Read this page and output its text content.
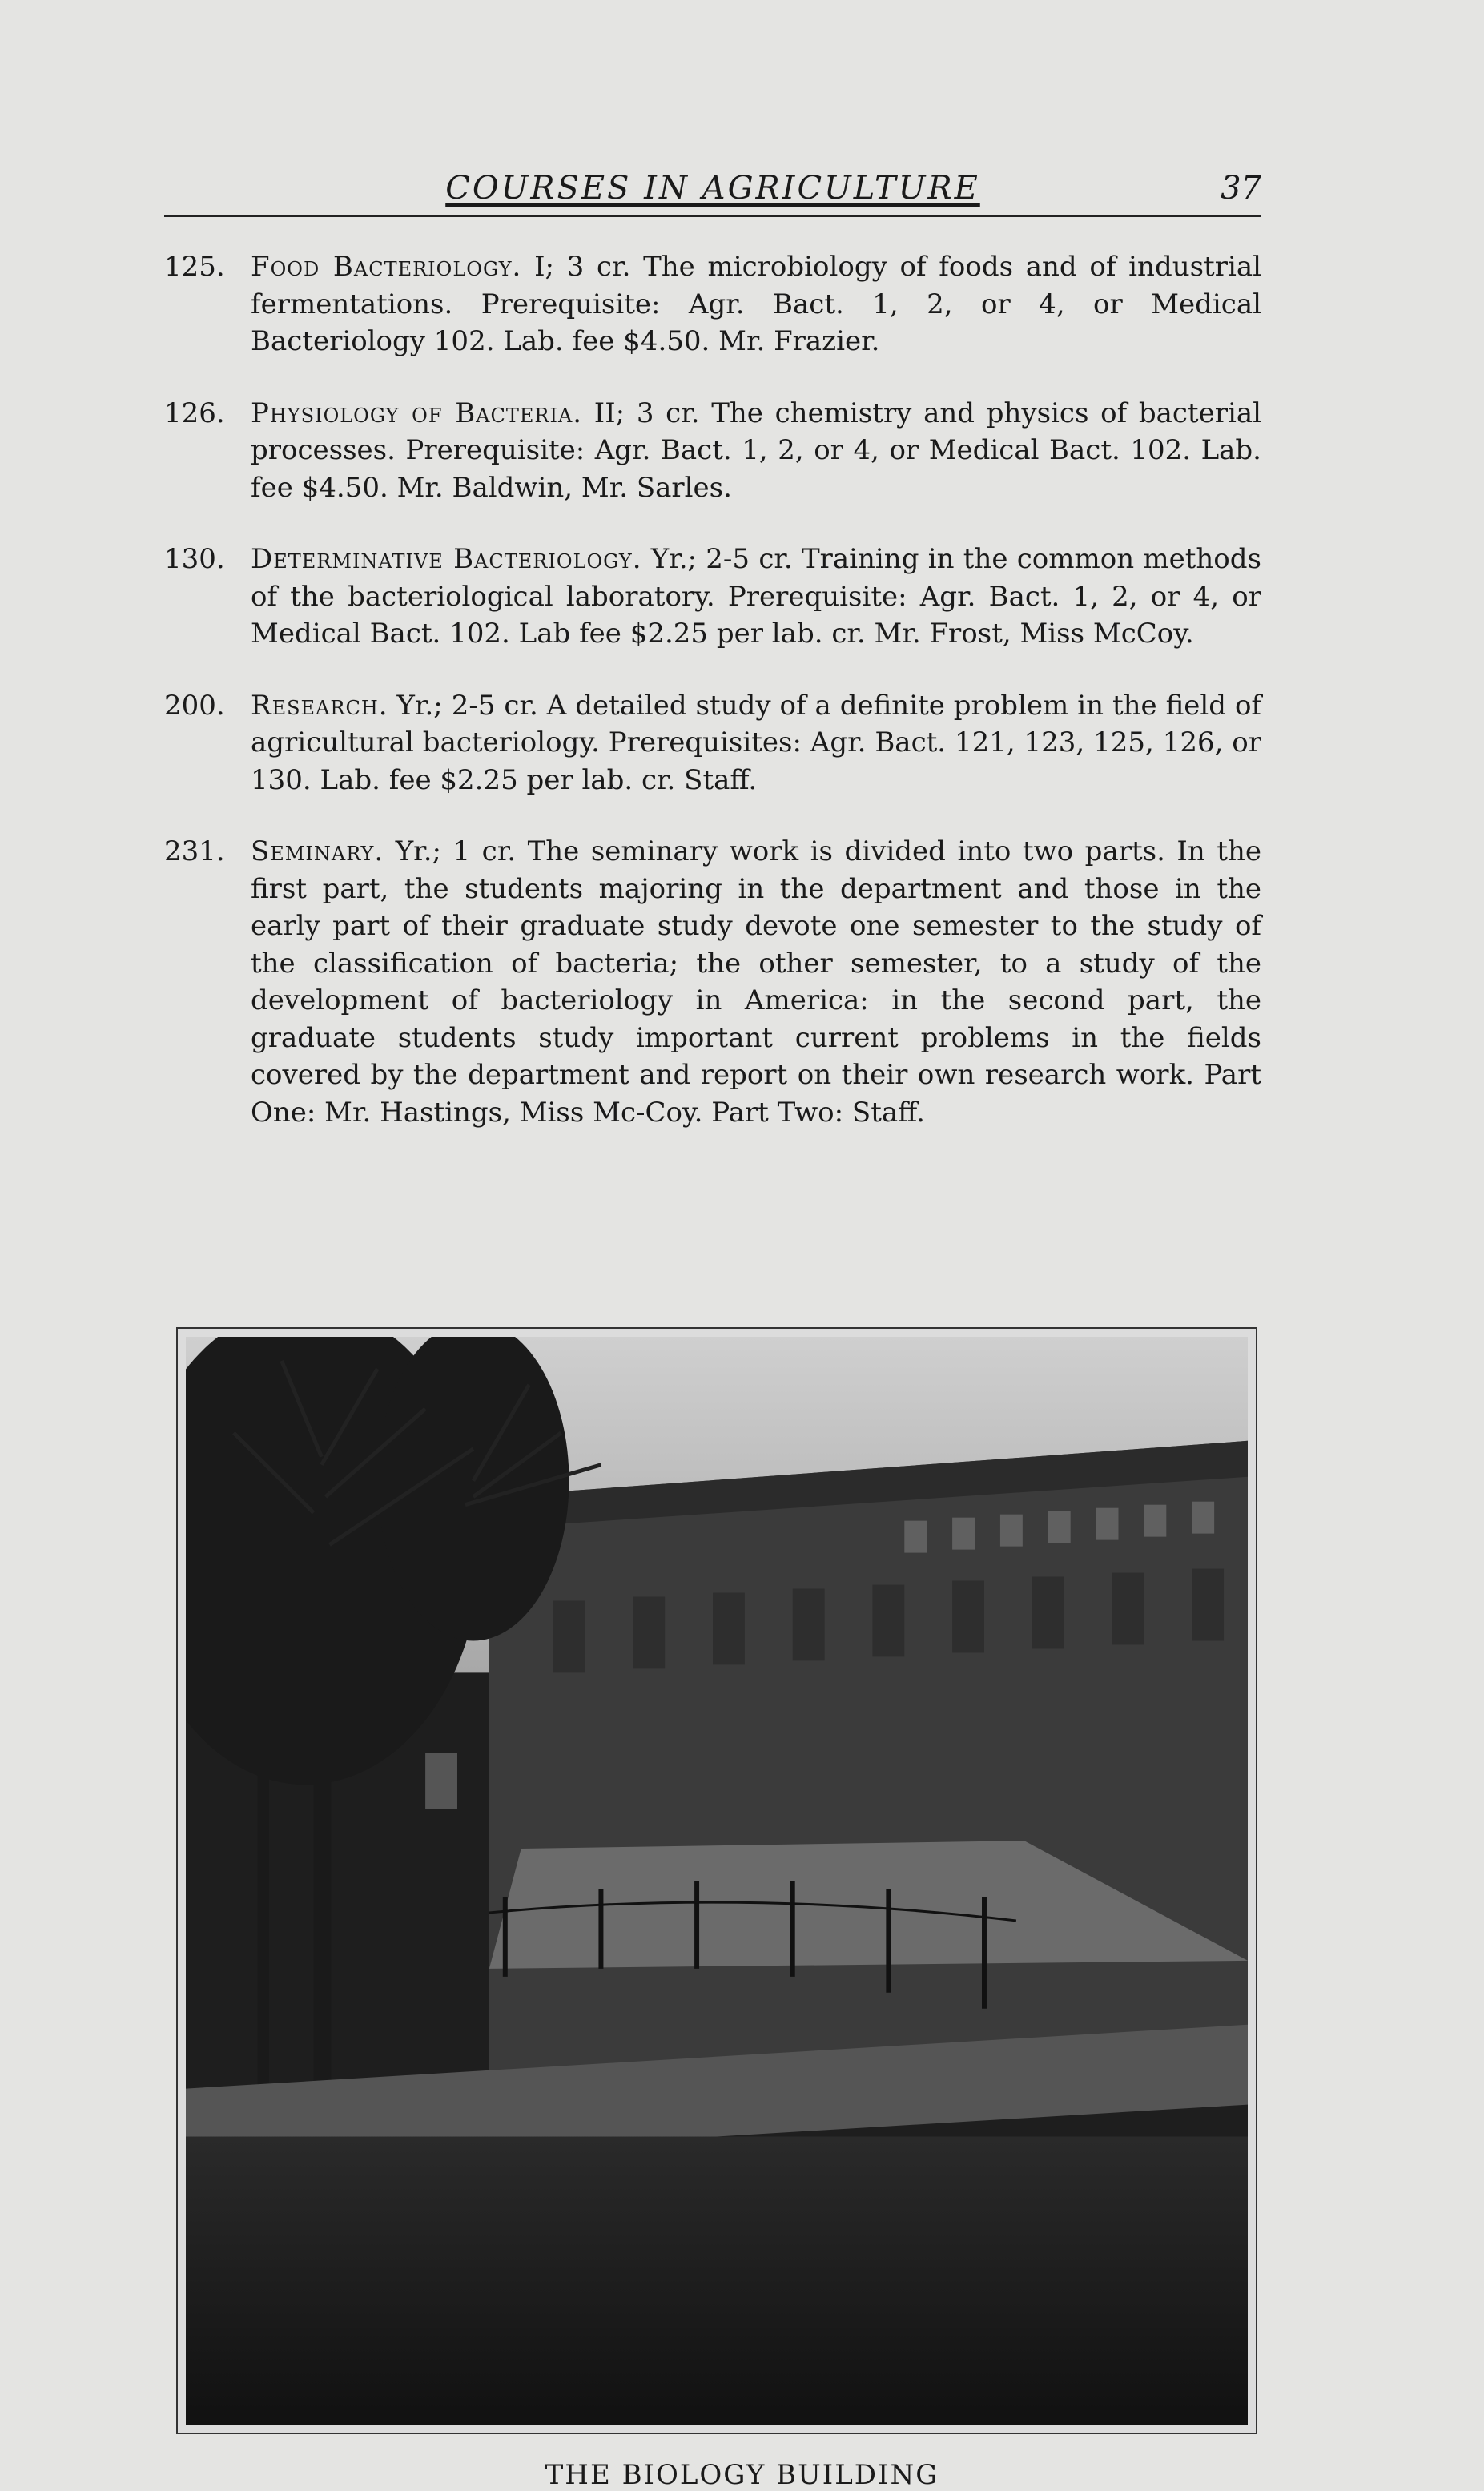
COURSES IN AGRICULTURE	37
125. Food Bacteriology. I; 3 cr. The microbiology of foods and of industrial fermentations. Prerequisite: Agr. Bact. 1, 2, or 4, or Medical Bacteriology 102. Lab. fee $4.50. Mr. Frazier.
126. Physiology of Bacteria. II; 3 cr. The chemistry and physics of bacterial processes. Prerequisite: Agr. Bact. 1, 2, or 4, or Medical Bact. 102. Lab. fee $4.50. Mr. Baldwin, Mr. Sarles.
130. Determinative Bacteriology. Yr.; 2-5 cr. Training in the common methods of the bacteriological laboratory. Prerequisite: Agr. Bact. 1, 2, or 4, or Medical Bact. 102. Lab fee $2.25 per lab. cr. Mr. Frost, Miss McCoy.
200. Research. Yr.; 2-5 cr. A detailed study of a definite problem in the field of agricultural bacteriology. Prerequisites: Agr. Bact. 121, 123, 125, 126, or 130. Lab. fee $2.25 per lab. cr. Staff.
231. Seminary. Yr.; 1 cr. The seminary work is divided into two parts. In the first part, the students majoring in the department and those in the early part of their graduate study devote one semester to the study of the classification of bacteria; the other semester, to a study of the development of bacteriology in America: in the second part, the graduate students study important current problems in the fields covered by the department and report on their own research work. Part One: Mr. Hastings, Miss Mc-Coy. Part Two: Staff.
THE BIOLOGY BUILDING
